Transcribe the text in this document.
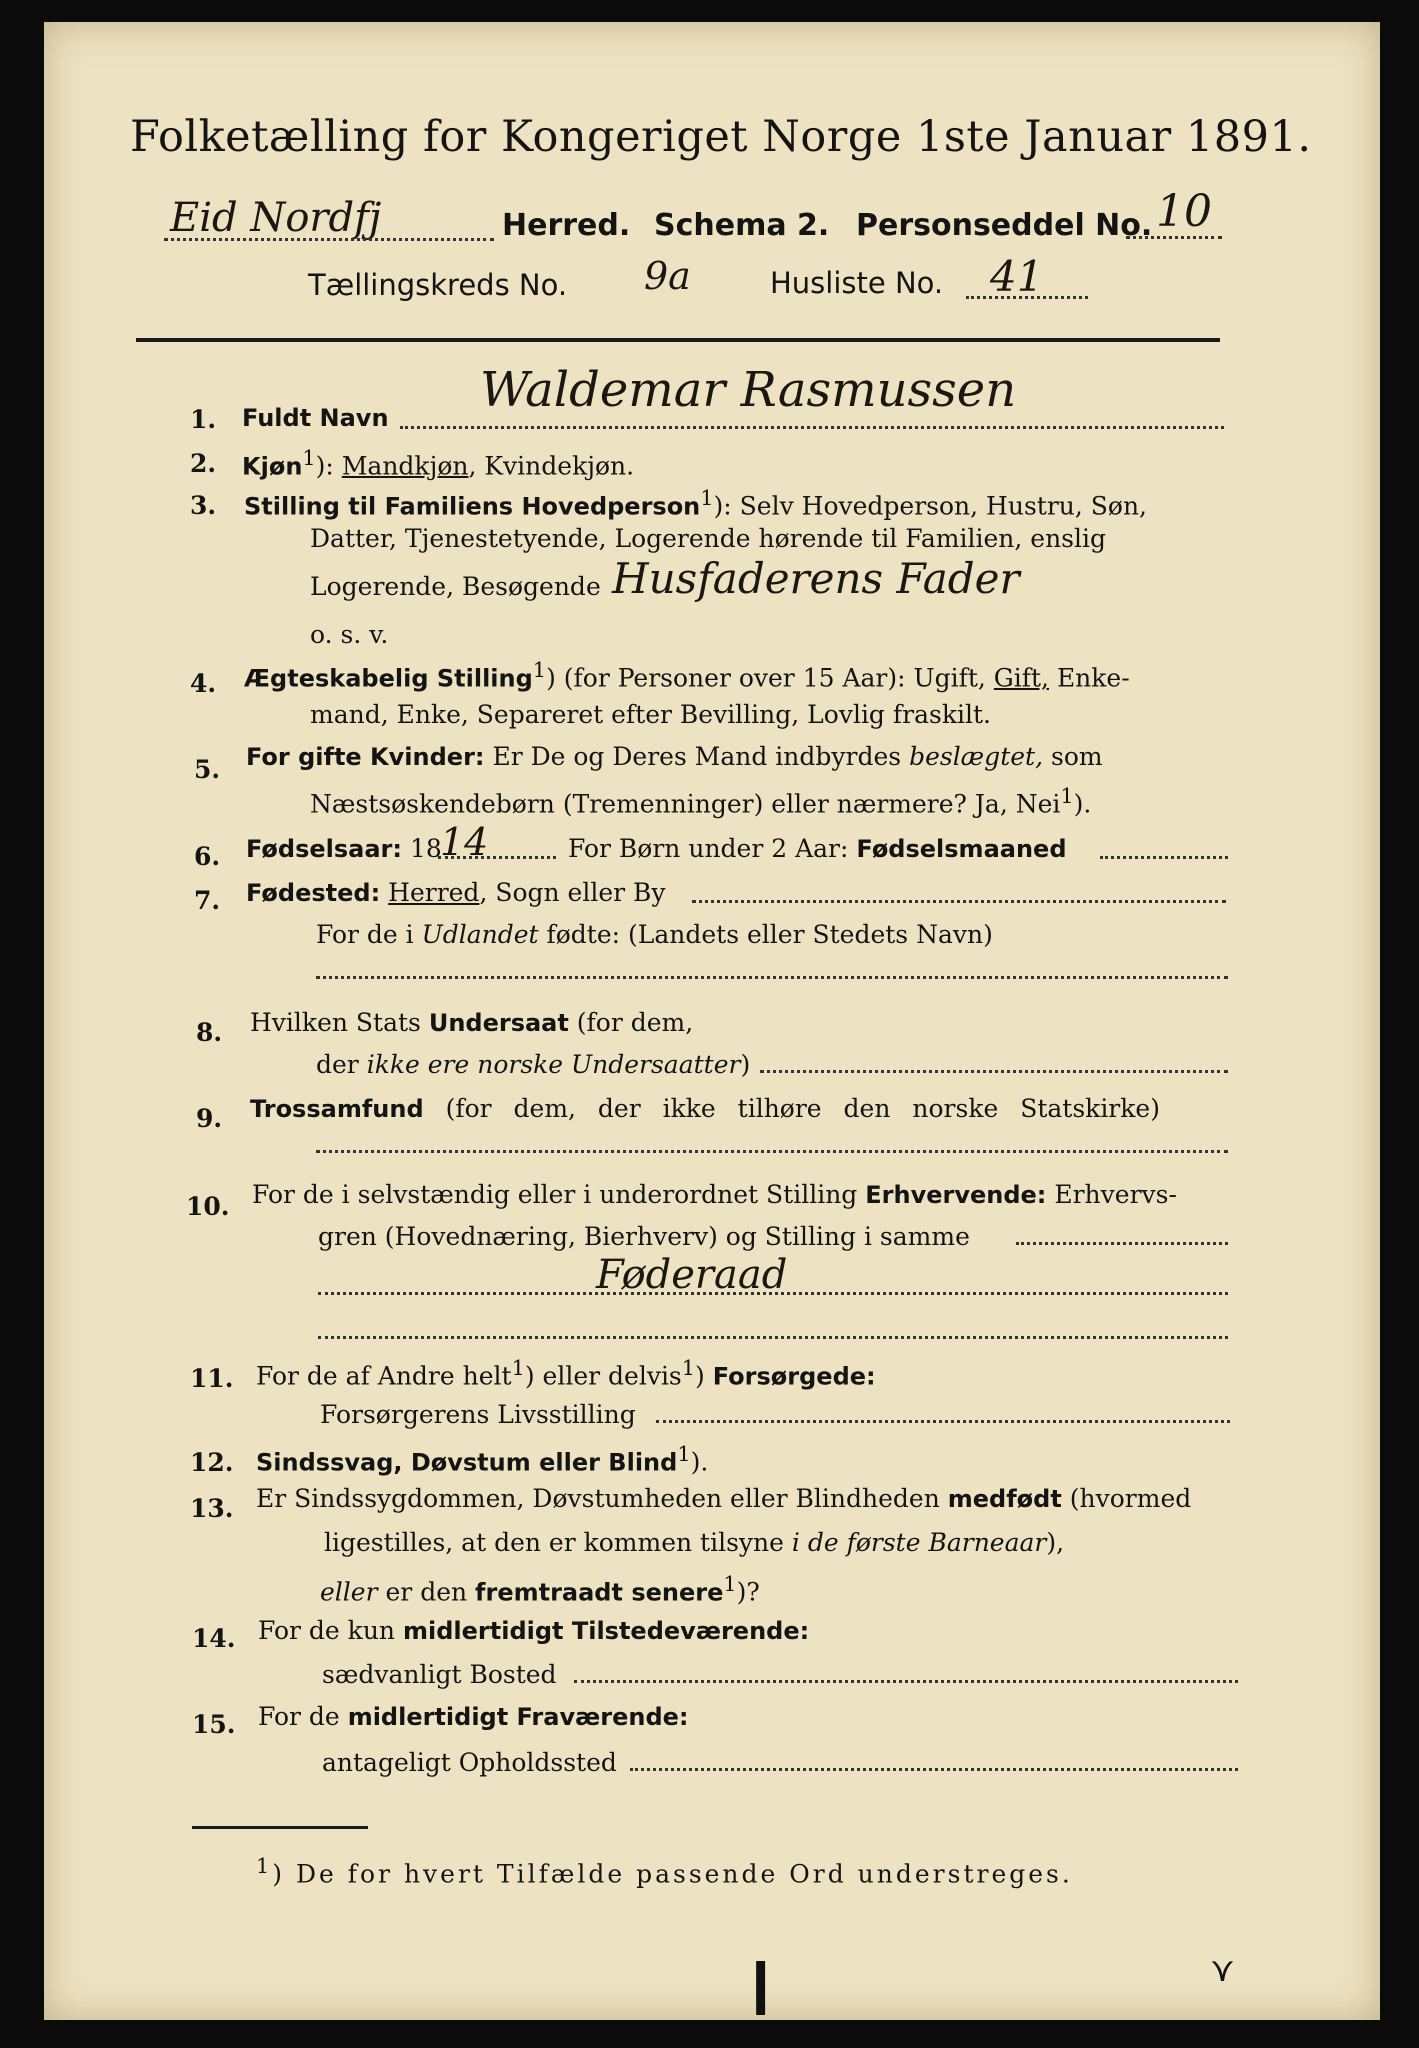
Folketælling for Kongeriget Norge 1ste Januar 1891.
Eid Nordfj	Herred. Schema 2. Personseddel No. 10
Tællingskreds No. 9a	Husliste No. 41
1. Fuldt Navn Waldemar Rasmussen
2. Kjøn$^1$): Mandkjøn, Kvindekjøn.
3. Stilling til Familiens Hovedperson$^1$): Selv Hovedperson, Hustru, Søn,
Datter, Tjenestetyende, Logerende hørende til Familien, enslig
Logerende, Besøgende Husfaderens Fader
o. s. v.
4. Ægteskabelig Stilling$^1$) (for Personer over 15 Aar): Ugift, Gift, Enke-
mand, Enke, Separeret efter Bevilling, Lovlig fraskilt.
5. For gifte Kvinder: Er De og Deres Mand indbyrdes beslægtet, som
Næstsøskendebørn (Tremenninger) eller nærmere? Ja, Nei$^1$).
6. Fødselsaar: 18
14	For Børn under 2 Aar: Fødselsmaaned
7. Fødested: Herred, Sogn eller By
For de i Udlandet fødte: (Landets eller Stedets Navn)
8. Hvilken Stats Undersaat (for dem,
der ikke ere norske Undersaatter)
9. Trossamfund (for dem, der ikke tilhøre den norske Statskirke)
10. For de i selvstændig eller i underordnet Stilling Erhvervende: Erhvervs-
gren (Hovednæring, Bierhverv) og Stilling i samme
Føderaad
11. For de af Andre helt$^1$) eller delvis$^1$) Forsørgede:
Forsørgerens Livsstilling
12. Sindssvag, Døvstum eller Blind$^1$).
13. Er Sindssygdommen, Døvstumheden eller Blindheden medfødt (hvormed
ligestilles, at den er kommen tilsyne i de første Barneaar),
eller er den fremtraadt senere$^1$)?
14. For de kun midlertidigt Tilstedeværende:
sædvanligt Bosted
15. For de midlertidigt Fraværende:
antageligt Opholdssted
$^1$) De for hvert Tilfælde passende Ord understreges.
❙	⋎
